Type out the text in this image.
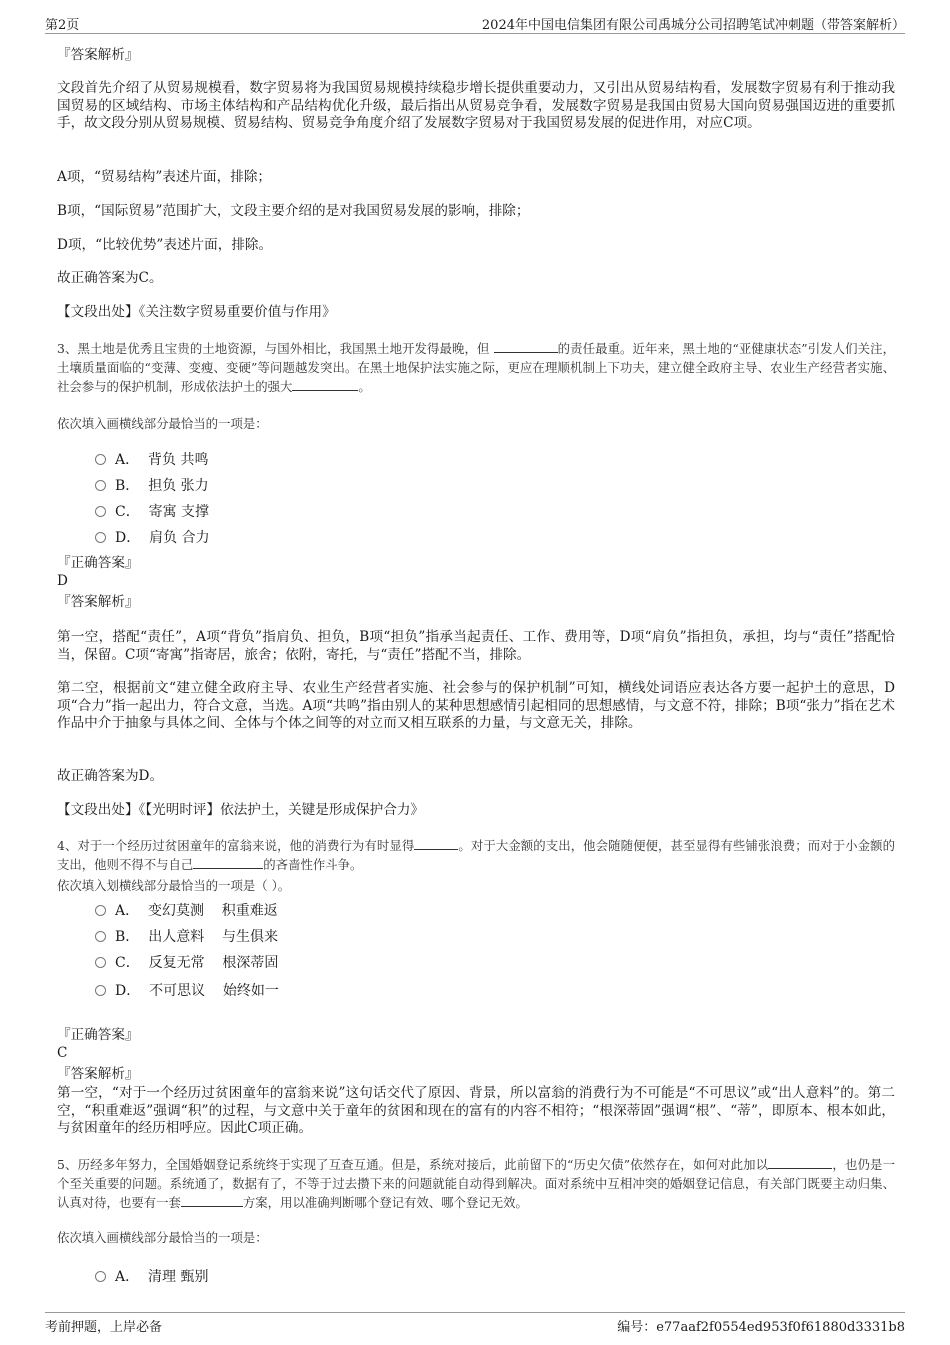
第2页	2024年中国电信集团有限公司禹城分公司招聘笔试冲刺题（带答案解析）
『答案解析』
文段首先介绍了从贸易规模看，数字贸易将为我国贸易规模持续稳步增长提供重要动力，又引出从贸易结构看，发展数字贸易有利于推动我国贸易的区域结构、市场主体结构和产品结构优化升级，最后指出从贸易竞争看，发展数字贸易是我国由贸易大国向贸易强国迈进的重要抓手，故文段分别从贸易规模、贸易结构、贸易竞争角度介绍了发展数字贸易对于我国贸易发展的促进作用，对应C项。
A项，“贸易结构”表述片面，排除；
B项，“国际贸易”范围扩大，文段主要介绍的是对我国贸易发展的影响，排除；
D项，“比较优势”表述片面，排除。
故正确答案为C。
【文段出处】《关注数字贸易重要价值与作用》
3、黑土地是优秀且宝贵的土地资源，与国外相比，我国黑土地开发得最晚，但	的责任最重。近年来，黑土地的“亚健康状态”引发人们关注，土壤质量面临的“变薄、变瘦、变硬”等问题越发突出。在黑土地保护法实施之际，更应在理顺机制上下功夫，建立健全政府主导、农业生产经营者实施、社会参与的保护机制，形成依法护土的强大	。
依次填入画横线部分最恰当的一项是：
A．  背负 共鸣
B．  担负 张力
C．  寄寓 支撑
D．  肩负 合力
『正确答案』
D
『答案解析』
第一空，搭配“责任”，A项“背负”指肩负、担负，B项“担负”指承当起责任、工作、费用等，D项“肩负”指担负，承担，均与“责任”搭配恰当，保留。C项“寄寓”指寄居，旅舍；依附，寄托，与“责任”搭配不当，排除。
第二空，根据前文“建立健全政府主导、农业生产经营者实施、社会参与的保护机制”可知，横线处词语应表达各方要一起护土的意思，D项“合力”指一起出力，符合文意，当选。A项“共鸣”指由别人的某种思想感情引起相同的思想感情，与文意不符，排除；B项“张力”指在艺术作品中介于抽象与具体之间、全体与个体之间等的对立而又相互联系的力量，与文意无关，排除。
故正确答案为D。
【文段出处】《【光明时评】依法护土，关键是形成保护合力》
4、对于一个经历过贫困童年的富翁来说，他的消费行为有时显得	。对于大金额的支出，他会随随便便，甚至显得有些铺张浪费；而对于小金额的支出，他则不得不与自己	的吝啬性作斗争。
依次填入划横线部分最恰当的一项是（ ）。
A．  变幻莫测    积重难返
B．  出人意料    与生俱来
C．  反复无常    根深蒂固
D．  不可思议    始终如一
『正确答案』
C
『答案解析』
第一空，“对于一个经历过贫困童年的富翁来说”这句话交代了原因、背景，所以富翁的消费行为不可能是“不可思议”或“出人意料”的。第二空，“积重难返”强调“积”的过程，与文意中关于童年的贫困和现在的富有的内容不相符；“根深蒂固”强调“根”、“蒂”，即原本、根本如此，与贫困童年的经历相呼应。因此C项正确。
5、历经多年努力，全国婚姻登记系统终于实现了互查互通。但是，系统对接后，此前留下的“历史欠债”依然存在，如何对此加以	，也仍是一个至关重要的问题。系统通了，数据有了，不等于过去攒下来的问题就能自动得到解决。面对系统中互相冲突的婚姻登记信息，有关部门既要主动归集、认真对待，也要有一套	方案，用以准确判断哪个登记有效、哪个登记无效。
依次填入画横线部分最恰当的一项是：
A．  清理 甄别
考前押题，上岸必备	编号：e77aaf2f0554ed953f0f61880d3331b8
